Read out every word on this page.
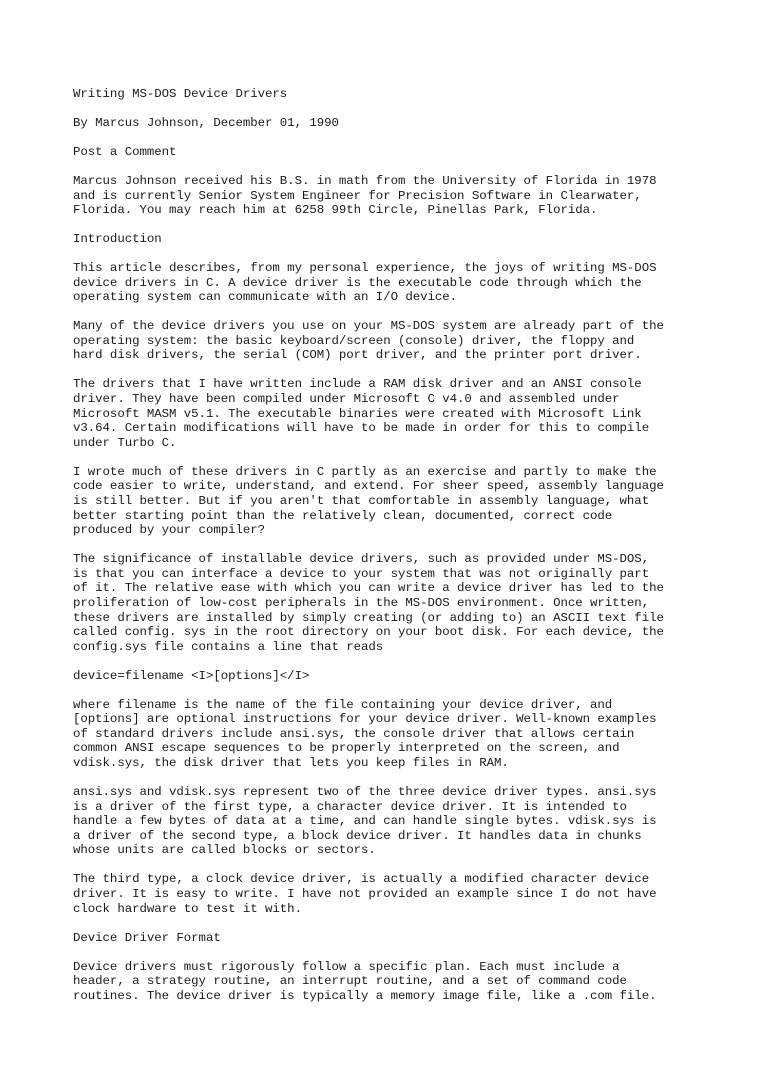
Writing MS-DOS Device Drivers

By Marcus Johnson, December 01, 1990

Post a Comment

Marcus Johnson received his B.S. in math from the University of Florida in 1978

and is currently Senior System Engineer for Precision Software in Clearwater,

Florida. You may reach him at 6258 99th Circle, Pinellas Park, Florida.

Introduction

This article describes, from my personal experience, the joys of writing MS-DOS

device drivers in C. A device driver is the executable code through which the

operating system can communicate with an I/O device.

Many of the device drivers you use on your MS-DOS system are already part of the

operating system: the basic keyboard/screen (console) driver, the floppy and

hard disk drivers, the serial (COM) port driver, and the printer port driver.

The drivers that I have written include a RAM disk driver and an ANSI console

driver. They have been compiled under Microsoft C v4.0 and assembled under

Microsoft MASM v5.1. The executable binaries were created with Microsoft Link

v3.64. Certain modifications will have to be made in order for this to compile

under Turbo C.

I wrote much of these drivers in C partly as an exercise and partly to make the

code easier to write, understand, and extend. For sheer speed, assembly language

is still better. But if you aren't that comfortable in assembly language, what

better starting point than the relatively clean, documented, correct code

produced by your compiler?

The significance of installable device drivers, such as provided under MS-DOS,

is that you can interface a device to your system that was not originally part

of it. The relative ease with which you can write a device driver has led to the

proliferation of low-cost peripherals in the MS-DOS environment. Once written,

these drivers are installed by simply creating (or adding to) an ASCII text file

called config. sys in the root directory on your boot disk. For each device, the

config.sys file contains a line that reads

device=filename <I>[options]</I>

where filename is the name of the file containing your device driver, and

[options] are optional instructions for your device driver. Well-known examples

of standard drivers include ansi.sys, the console driver that allows certain

common ANSI escape sequences to be properly interpreted on the screen, and

vdisk.sys, the disk driver that lets you keep files in RAM.

ansi.sys and vdisk.sys represent two of the three device driver types. ansi.sys

is a driver of the first type, a character device driver. It is intended to

handle a few bytes of data at a time, and can handle single bytes. vdisk.sys is

a driver of the second type, a block device driver. It handles data in chunks

whose units are called blocks or sectors.

The third type, a clock device driver, is actually a modified character device

driver. It is easy to write. I have not provided an example since I do not have

clock hardware to test it with.

Device Driver Format

Device drivers must rigorously follow a specific plan. Each must include a

header, a strategy routine, an interrupt routine, and a set of command code

routines. The device driver is typically a memory image file, like a .com file.
